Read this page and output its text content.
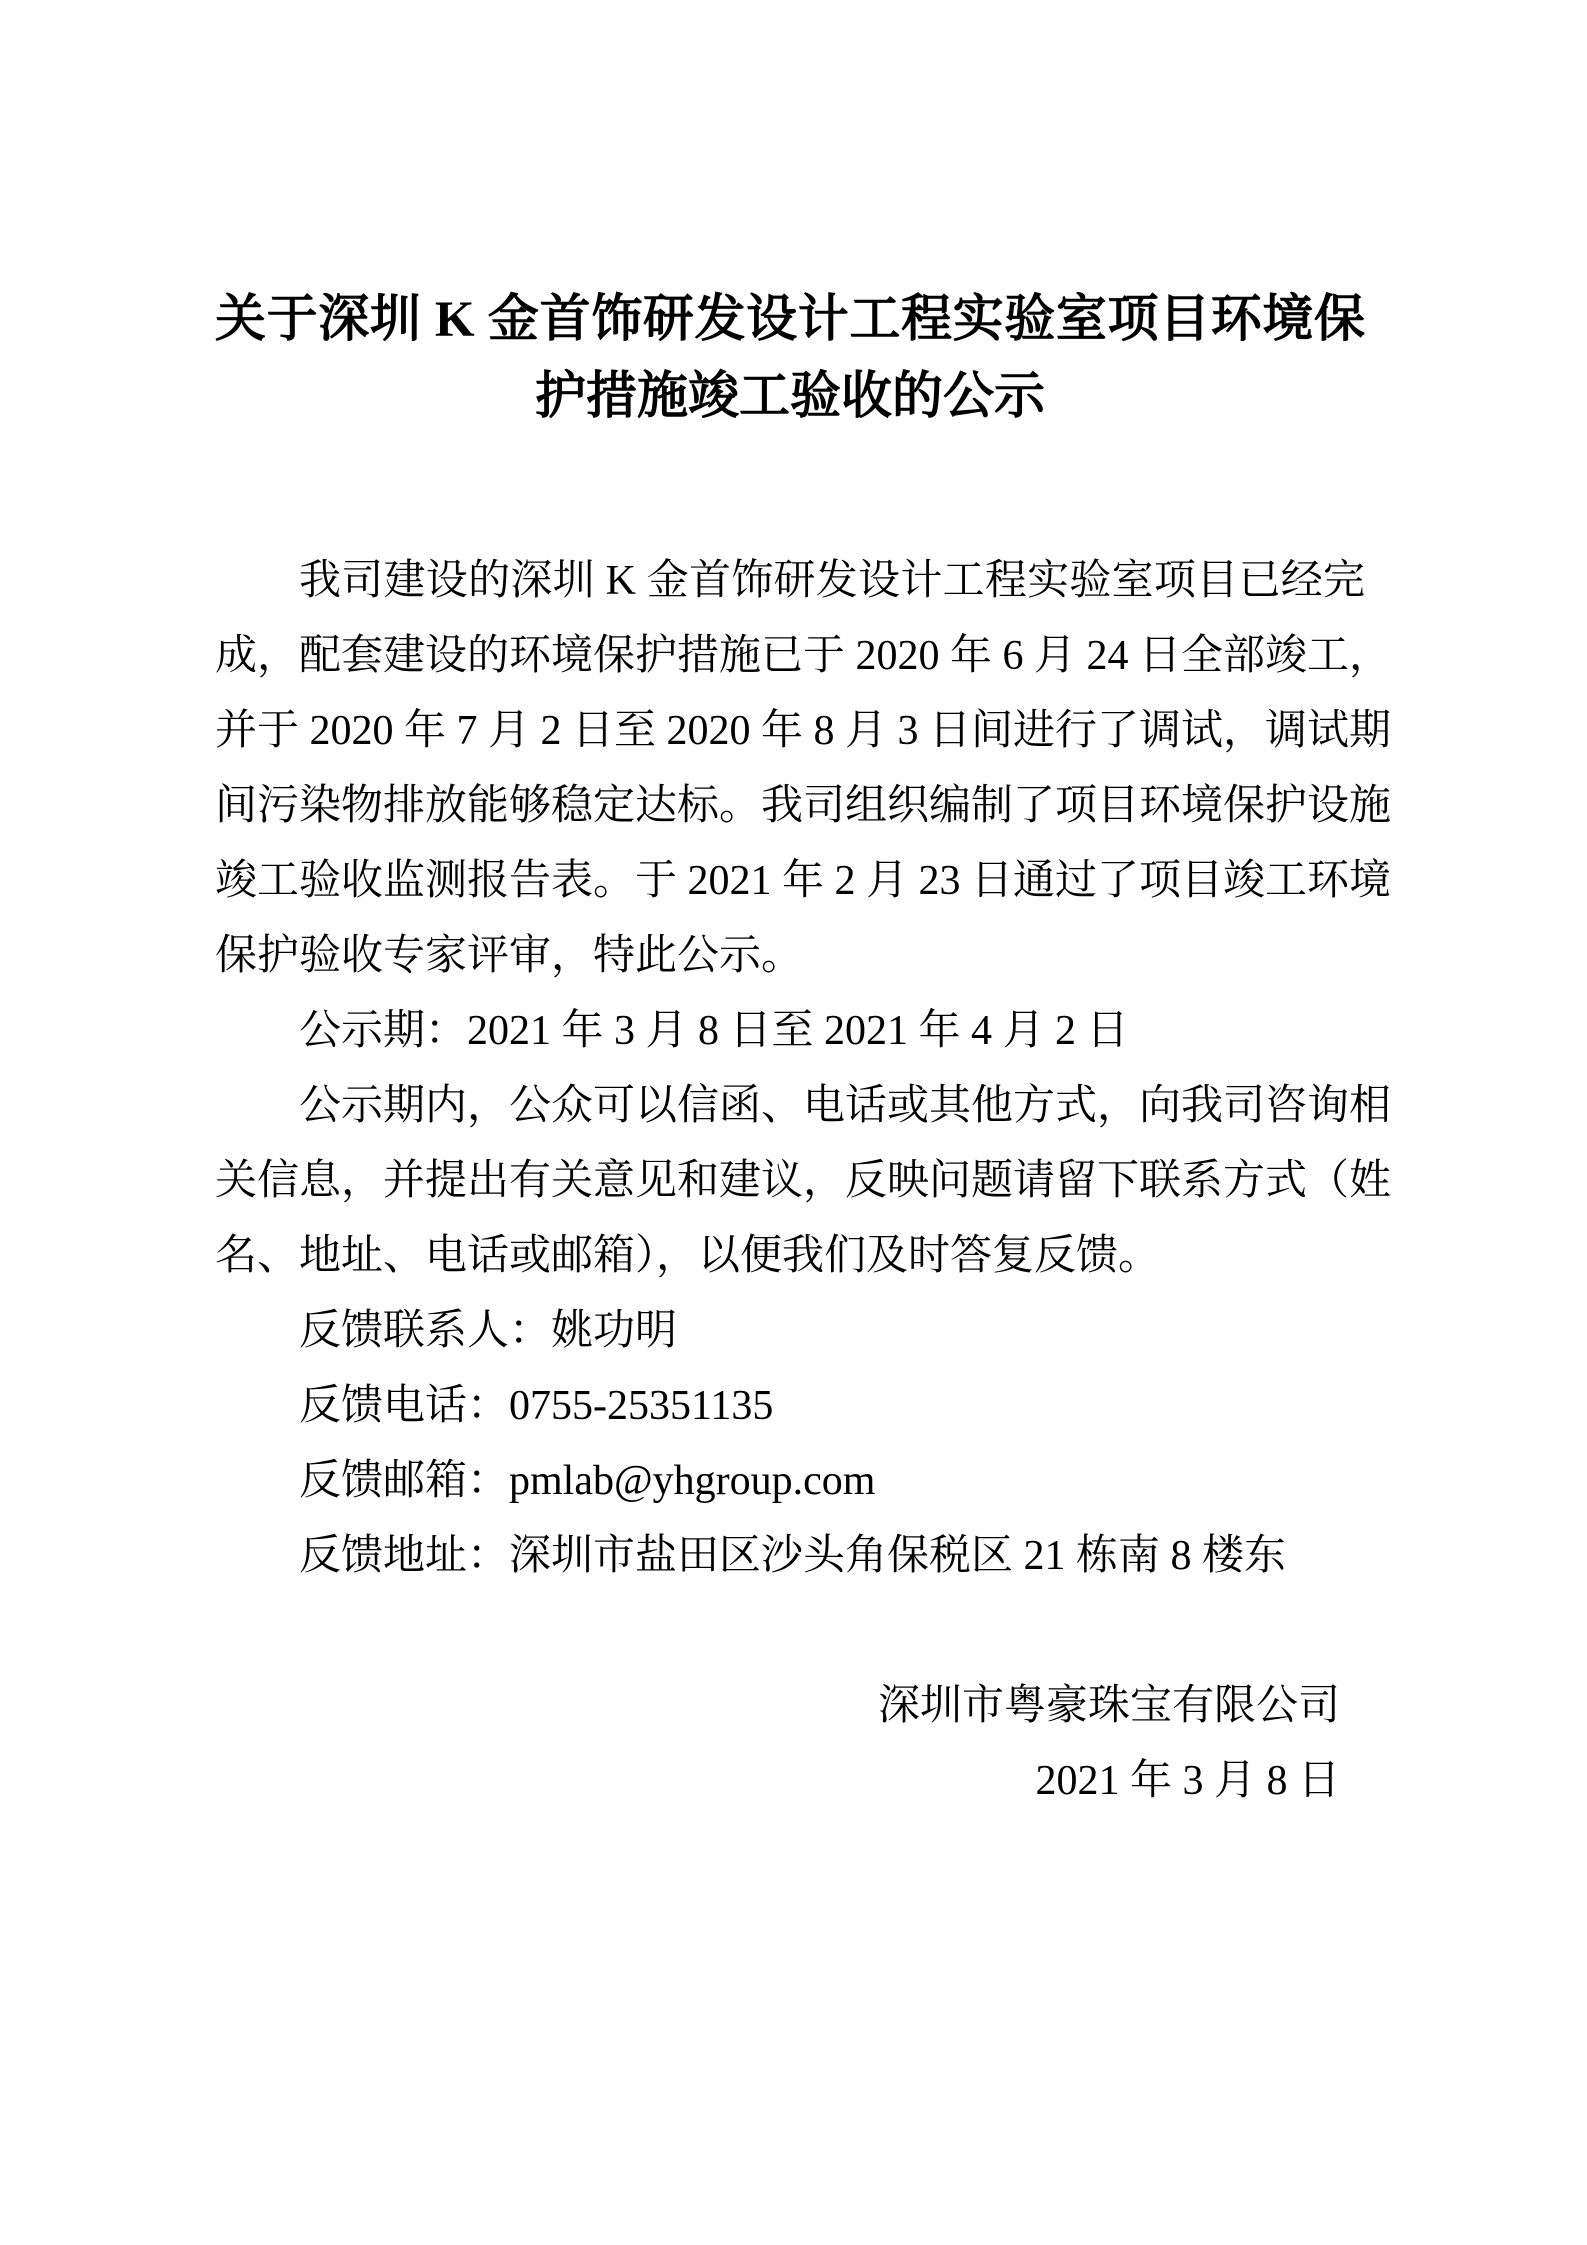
关于深圳 K 金首饰研发设计工程实验室项目环境保
护措施竣工验收的公示
我司建设的深圳 K 金首饰研发设计工程实验室项目已经完
成，配套建设的环境保护措施已于 2020 年 6 月 24 日全部竣工，
并于 2020 年 7 月 2 日至 2020 年 8 月 3 日间进行了调试，调试期
间污染物排放能够稳定达标。我司组织编制了项目环境保护设施
竣工验收监测报告表。于 2021 年 2 月 23 日通过了项目竣工环境
保护验收专家评审，特此公示。
公示期：2021 年 3 月 8 日至 2021 年 4 月 2 日
公示期内，公众可以信函、电话或其他方式，向我司咨询相
关信息，并提出有关意见和建议，反映问题请留下联系方式（姓
名、地址、电话或邮箱），以便我们及时答复反馈。
反馈联系人：姚功明
反馈电话：0755-25351135
反馈邮箱：pmlab@yhgroup.com
反馈地址：深圳市盐田区沙头角保税区 21 栋南 8 楼东
深圳市粤豪珠宝有限公司
2021 年 3 月 8 日
